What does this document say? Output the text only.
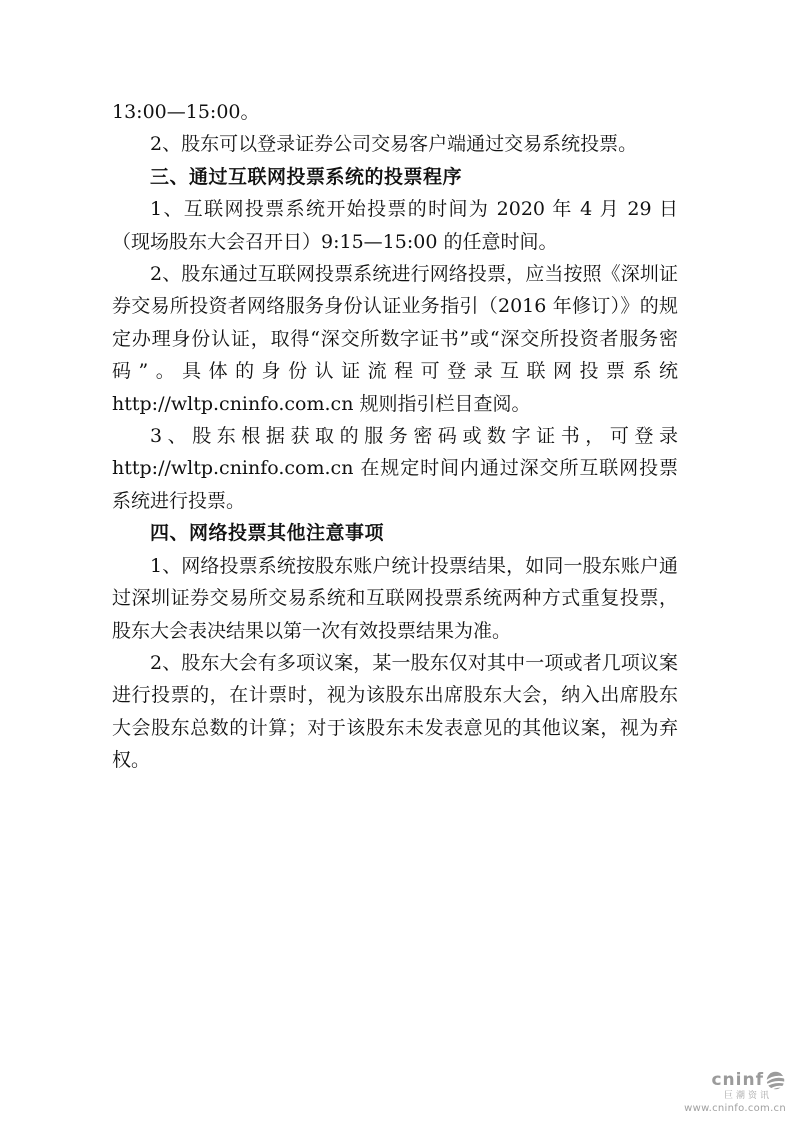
13:00—15:00。

2、股东可以登录证券公司交易客户端通过交易系统投票。

三、通过互联网投票系统的投票程序

1、互联网投票系统开始投票的时间为 2020 年 4 月 29 日（现场股东大会召开日）9:15—15:00 的任意时间。

2、股东通过互联网投票系统进行网络投票，应当按照《深圳证券交易所投资者网络服务身份认证业务指引（2016 年修订）》的规定办理身份认证，取得“深交所数字证书”或“深交所投资者服务密码”。具体的身份认证流程可登录互联网投票系统 http://wltp.cninfo.com.cn 规则指引栏目查阅。

3、股东根据获取的服务密码或数字证书，可登录 http://wltp.cninfo.com.cn 在规定时间内通过深交所互联网投票系统进行投票。

四、网络投票其他注意事项

1、网络投票系统按股东账户统计投票结果，如同一股东账户通过深圳证券交易所交易系统和互联网投票系统两种方式重复投票，股东大会表决结果以第一次有效投票结果为准。

2、股东大会有多项议案，某一股东仅对其中一项或者几项议案进行投票的，在计票时，视为该股东出席股东大会，纳入出席股东大会股东总数的计算；对于该股东未发表意见的其他议案，视为弃权。

cninf
巨潮资讯
www.cninfo.com.cn
